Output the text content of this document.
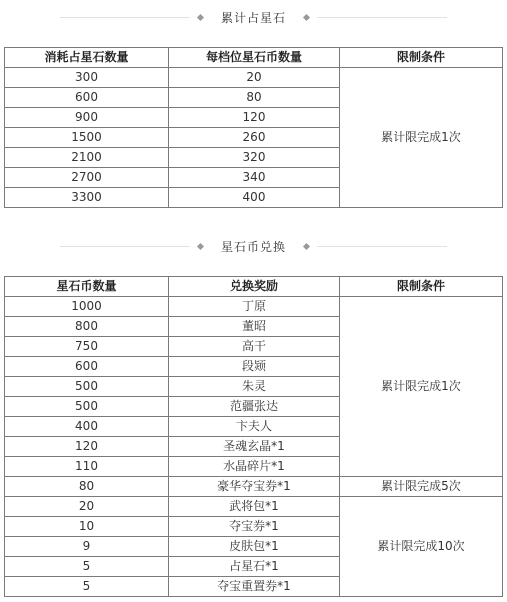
累计占星石
消耗占星石数量	每档位星石币数量	限制条件
300	20	累计限完成1次
600	80	
900	120	
1500	260	
2100	320	
2700	340	
3300	400	
星石币兑换
星石币数量	兑换奖励	限制条件
1000	丁原	累计限完成1次
800	董昭	
750	高干	
600	段颎	
500	朱灵	
500	范疆张达	
400	卞夫人	
120	圣魂玄晶*1	
110	水晶碎片*1	
80	豪华夺宝券*1	累计限完成5次
20	武将包*1	累计限完成10次
10	夺宝券*1	
9	皮肤包*1	
5	占星石*1	
5	夺宝重置券*1	
